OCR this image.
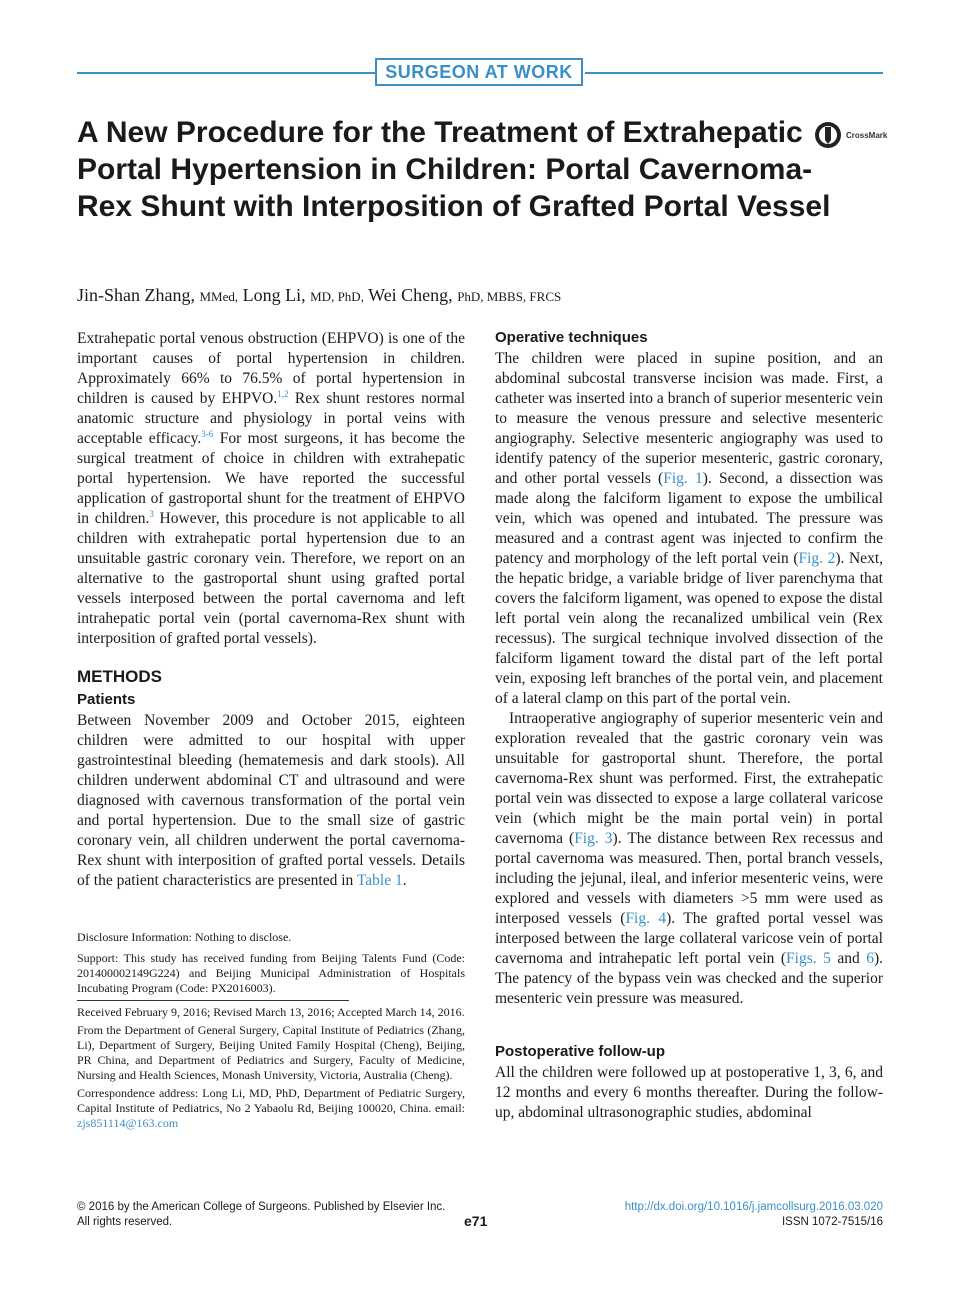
SURGEON AT WORK
A New Procedure for the Treatment of Extrahepatic Portal Hypertension in Children: Portal Cavernoma-Rex Shunt with Interposition of Grafted Portal Vessel
CrossMark
Jin-Shan Zhang, MMed, Long Li, MD, PhD, Wei Cheng, PhD, MBBS, FRCS

Extrahepatic portal venous obstruction (EHPVO) is one of the important causes of portal hypertension in children. Approximately 66% to 76.5% of portal hypertension in children is caused by EHPVO.$^{1,2}$ Rex shunt restores normal anatomic structure and physiology in portal veins with acceptable efficacy.$^{3-6}$ For most surgeons, it has become the surgical treatment of choice in children with extrahepatic portal hypertension. We have reported the successful application of gastroportal shunt for the treatment of EHPVO in children.$^3$ However, this procedure is not applicable to all children with extrahepatic portal hypertension due to an unsuitable gastric coronary vein. Therefore, we report on an alternative to the gastroportal shunt using grafted portal vessels interposed between the portal cavernoma and left intrahepatic portal vein (portal cavernoma-Rex shunt with interposition of grafted portal vessels).

METHODS
Patients

Between November 2009 and October 2015, eighteen children were admitted to our hospital with upper gastrointestinal bleeding (hematemesis and dark stools). All children underwent abdominal CT and ultrasound and were diagnosed with cavernous transformation of the portal vein and portal hypertension. Due to the small size of gastric coronary vein, all children underwent the portal cavernoma-Rex shunt with interposition of grafted portal vessels. Details of the patient characteristics are presented in Table 1.

Disclosure Information: Nothing to disclose.

Support: This study has received funding from Beijing Talents Fund (Code: 201400002149G224) and Beijing Municipal Administration of Hospitals Incubating Program (Code: PX2016003).

Received February 9, 2016; Revised March 13, 2016; Accepted March 14, 2016.

From the Department of General Surgery, Capital Institute of Pediatrics (Zhang, Li), Department of Surgery, Beijing United Family Hospital (Cheng), Beijing, PR China, and Department of Pediatrics and Surgery, Faculty of Medicine, Nursing and Health Sciences, Monash University, Victoria, Australia (Cheng).

Correspondence address: Long Li, MD, PhD, Department of Pediatric Surgery, Capital Institute of Pediatrics, No 2 Yabaolu Rd, Beijing 100020, China. email: zjs851114@163.com

Operative techniques

The children were placed in supine position, and an abdominal subcostal transverse incision was made. First, a catheter was inserted into a branch of superior mesenteric vein to measure the venous pressure and selective mesenteric angiography. Selective mesenteric angiography was used to identify patency of the superior mesenteric, gastric coronary, and other portal vessels (Fig. 1). Second, a dissection was made along the falciform ligament to expose the umbilical vein, which was opened and intubated. The pressure was measured and a contrast agent was injected to confirm the patency and morphology of the left portal vein (Fig. 2). Next, the hepatic bridge, a variable bridge of liver parenchyma that covers the falciform ligament, was opened to expose the distal left portal vein along the recanalized umbilical vein (Rex recessus). The surgical technique involved dissection of the falciform ligament toward the distal part of the left portal vein, exposing left branches of the portal vein, and placement of a lateral clamp on this part of the portal vein.

Intraoperative angiography of superior mesenteric vein and exploration revealed that the gastric coronary vein was unsuitable for gastroportal shunt. Therefore, the portal cavernoma-Rex shunt was performed. First, the extrahepatic portal vein was dissected to expose a large collateral varicose vein (which might be the main portal vein) in portal cavernoma (Fig. 3). The distance between Rex recessus and portal cavernoma was measured. Then, portal branch vessels, including the jejunal, ileal, and inferior mesenteric veins, were explored and vessels with diameters >5 mm were used as interposed vessels (Fig. 4). The grafted portal vessel was interposed between the large collateral varicose vein of portal cavernoma and intrahepatic left portal vein (Figs. 5 and 6). The patency of the bypass vein was checked and the superior mesenteric vein pressure was measured.

Postoperative follow-up

All the children were followed up at postoperative 1, 3, 6, and 12 months and every 6 months thereafter. During the follow-up, abdominal ultrasonographic studies, abdominal

© 2016 by the American College of Surgeons. Published by Elsevier Inc.
All rights reserved.	e71
http://dx.doi.org/10.1016/j.jamcollsurg.2016.03.020
ISSN 1072-7515/16
